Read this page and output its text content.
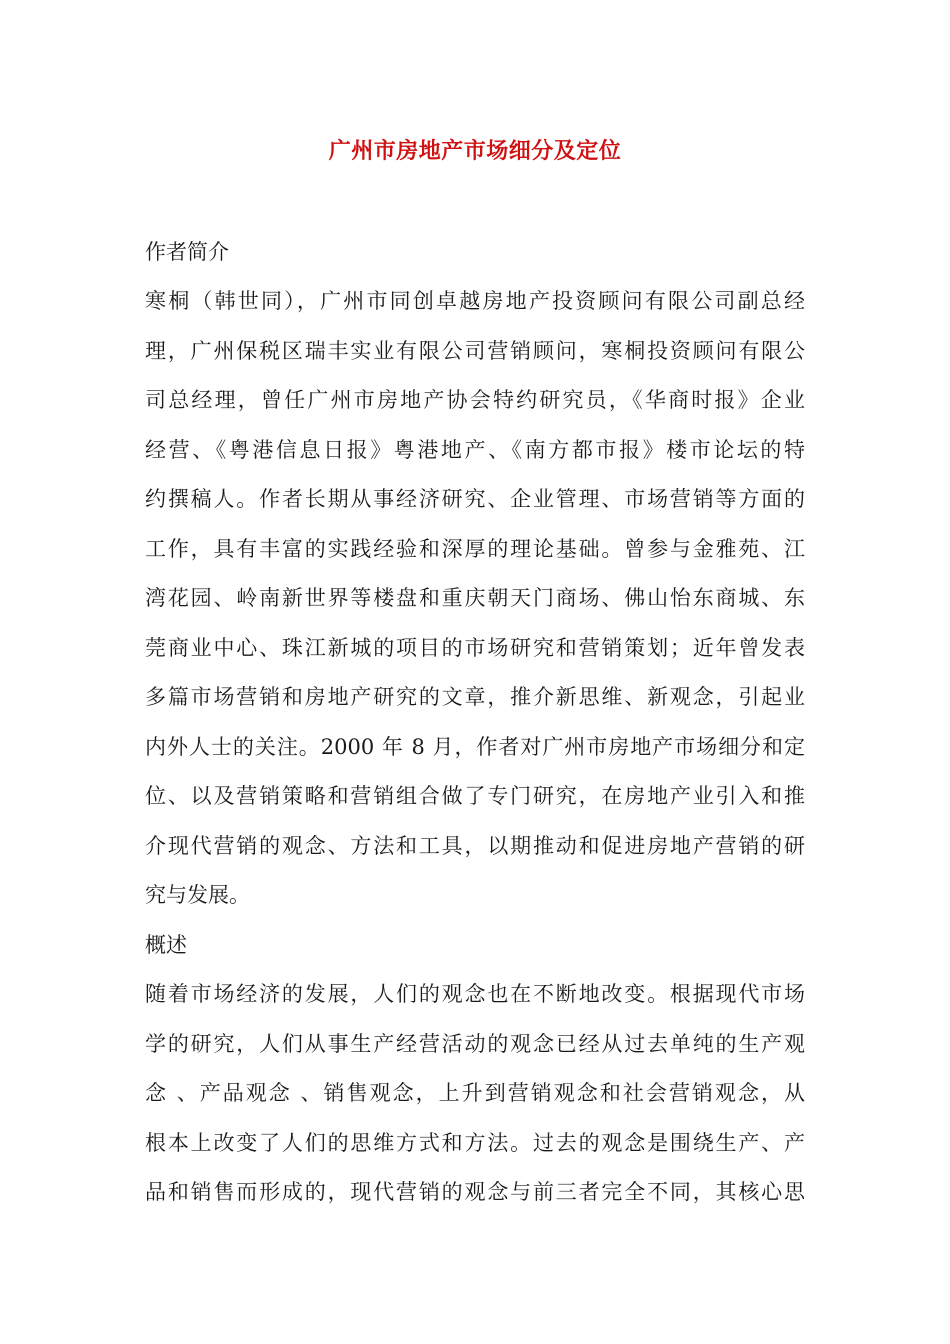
广州市房地产市场细分及定位
作者简介
寒桐（韩世同），广州市同创卓越房地产投资顾问有限公司副总经
理，广州保税区瑞丰实业有限公司营销顾问，寒桐投资顾问有限公
司总经理，曾任广州市房地产协会特约研究员，《华商时报》企业
经营、《粤港信息日报》粤港地产、《南方都市报》楼市论坛的特
约撰稿人。作者长期从事经济研究、企业管理、市场营销等方面的
工作，具有丰富的实践经验和深厚的理论基础。曾参与金雅苑、江
湾花园、岭南新世界等楼盘和重庆朝天门商场、佛山怡东商城、东
莞商业中心、珠江新城的项目的市场研究和营销策划；近年曾发表
多篇市场营销和房地产研究的文章，推介新思维、新观念，引起业
内外人士的关注。2000 年 8 月，作者对广州市房地产市场细分和定
位、以及营销策略和营销组合做了专门研究，在房地产业引入和推
介现代营销的观念、方法和工具，以期推动和促进房地产营销的研
究与发展。
概述
随着市场经济的发展，人们的观念也在不断地改变。根据现代市场
学的研究，人们从事生产经营活动的观念已经从过去单纯的生产观
念 、产品观念 、销售观念，上升到营销观念和社会营销观念，从
根本上改变了人们的思维方式和方法。过去的观念是围绕生产、产
品和销售而形成的，现代营销的观念与前三者完全不同，其核心思
